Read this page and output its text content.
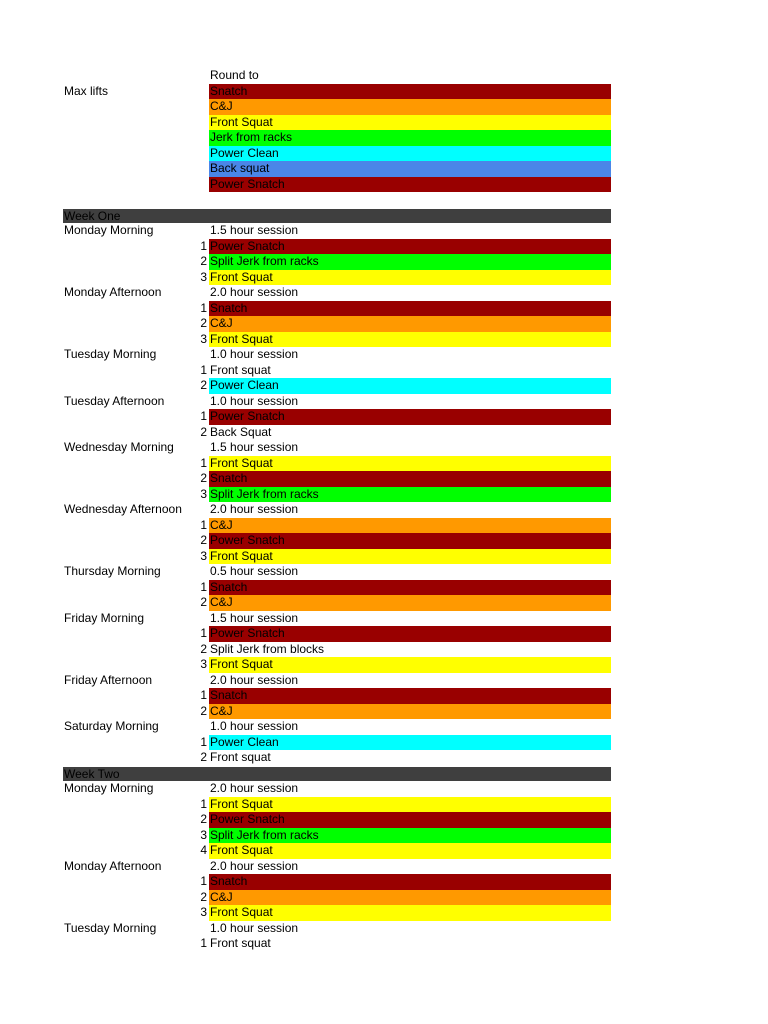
Round to
Max lifts	Snatch
C&J
Front Squat
Jerk from racks
Power Clean
Back squat
Power Snatch
Week One
Monday Morning	1.5 hour session
1 Power Snatch
2 Split Jerk from racks
3 Front Squat
Monday Afternoon	2.0 hour session
1 Snatch
2 C&J
3 Front Squat
Tuesday Morning	1.0 hour session
1 Front squat
2 Power Clean
Tuesday Afternoon	1.0 hour session
1 Power Snatch
2 Back Squat
Wednesday Morning	1.5 hour session
1 Front Squat
2 Snatch
3 Split Jerk from racks
Wednesday Afternoon 2.0 hour session
1 C&J
2 Power Snatch
3 Front Squat
Thursday Morning	0.5 hour session
1 Snatch
2 C&J
Friday Morning	1.5 hour session
1 Power Snatch
2 Split Jerk from blocks
3 Front Squat
Friday Afternoon	2.0 hour session
1 Snatch
2 C&J
Saturday Morning	1.0 hour session
1 Power Clean
2 Front squat
Week Two
Monday Morning	2.0 hour session
1 Front Squat
2 Power Snatch
3 Split Jerk from racks
4 Front Squat
Monday Afternoon	2.0 hour session
1 Snatch
2 C&J
3 Front Squat
Tuesday Morning	1.0 hour session
1 Front squat
